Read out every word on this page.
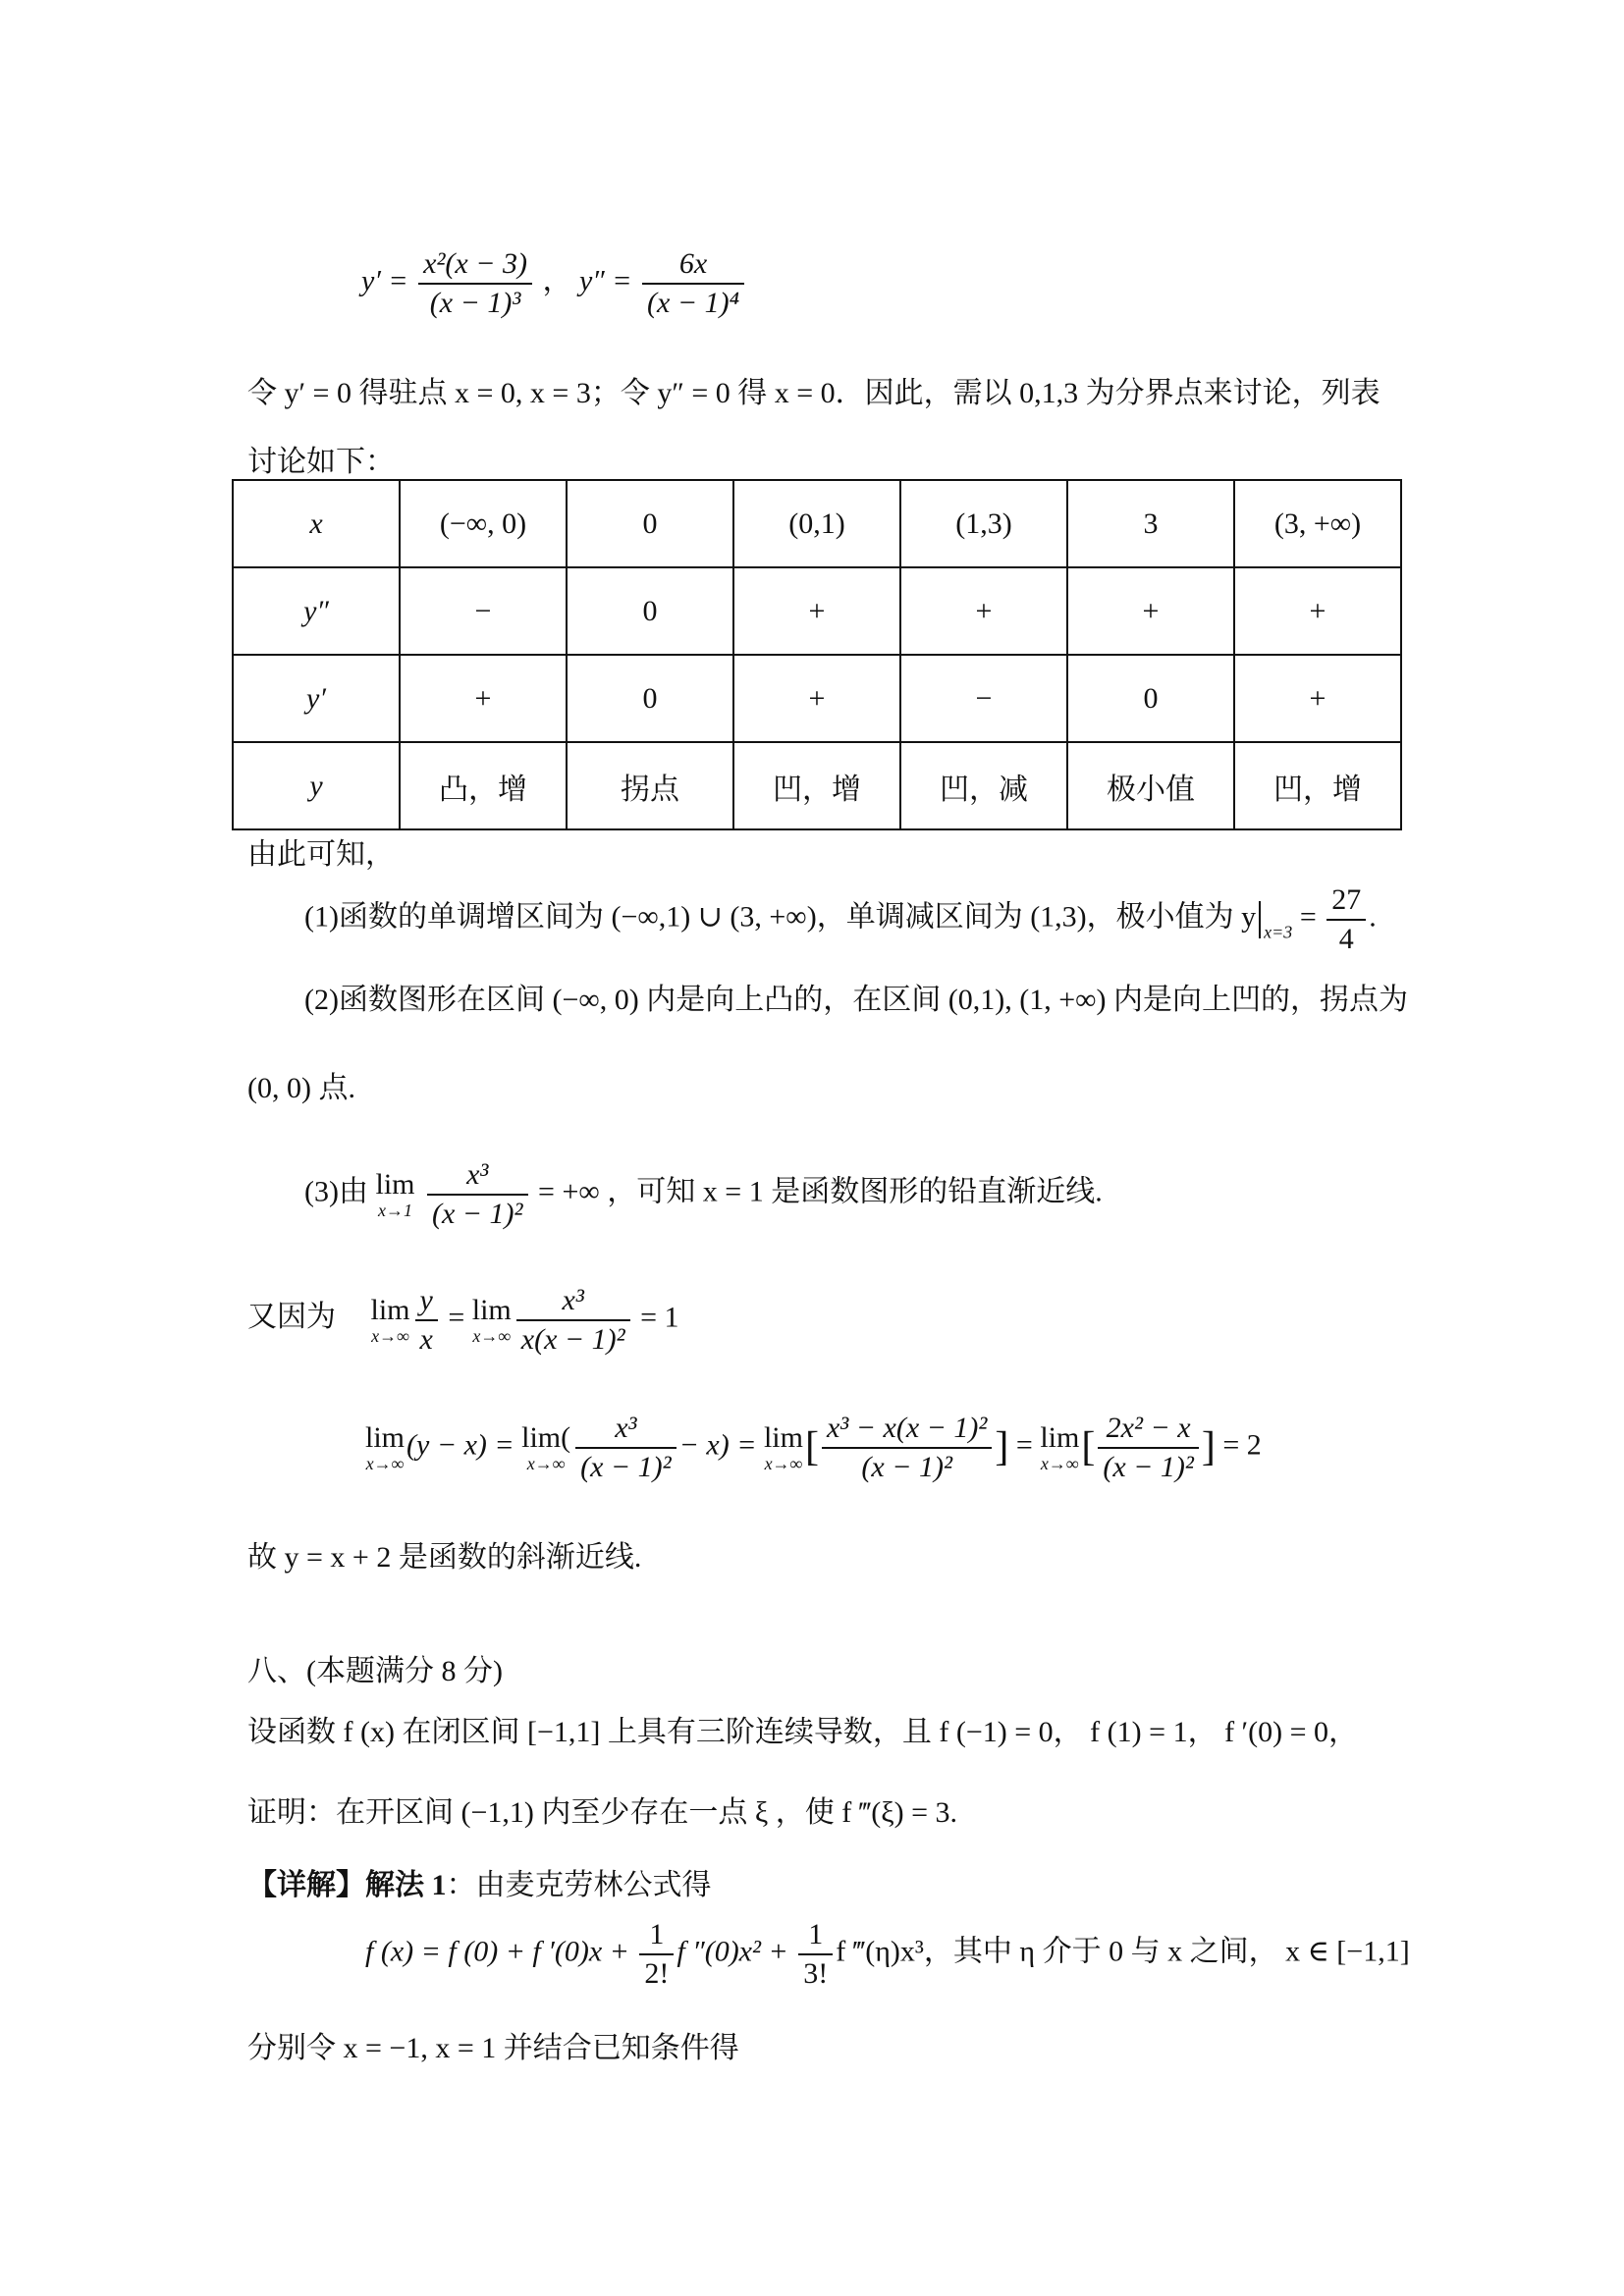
$y' = \frac{\text{x²(x − 3)}}{\text{(x − 1)³}}$ ， $y'' = \frac{6x}{\text{(x − 1)⁴}}$
令 y′ = 0 得驻点 x = 0, x = 3；令 y″ = 0 得 x = 0．因此，需以 0,1,3 为分界点来讨论，列表
讨论如下：
x	(−∞, 0)	0	(0,1)	(1,3)	3	(3, +∞)
y″	−	0	+	+	+	+
y′	+	0	+	−	0	+
y	凸，增	拐点	凹，增	凹，减	极小值	凹，增
由此可知，
(1)函数的单调增区间为 (−∞,1) ∪ (3, +∞)，单调减区间为 (1,3)，极小值为 y $_{x=3} = \frac{27}{4}$ .
(2)函数图形在区间 (−∞, 0) 内是向上凸的，在区间 (0,1), (1, +∞) 内是向上凹的，拐点为
(0, 0) 点.
(3)由 lim
x→1
$\frac{\text{x³}}{\text{(x − 1)²}}$ = +∞ ，可知 x = 1 是函数图形的铅直渐近线.
又因为 lim
$x\to\infty \frac{y}{x} = \lim$
$x\to\infty \frac{\text{x³}}{\text{x(x − 1)²}} = 1$
lim
x→∞
(y − x) = lim(
$x\to\infty \frac{\text{x³}}{\text{(x − 1)²}} - x) = \lim$
x→∞ [ $\frac{\text{x³ − x(x − 1)²}}{\text{(x − 1)²}}$ ] = lim
x→∞ [ $\frac{\text{2x² − x}}{\text{(x − 1)²}}$ ] = 2
故 y = x + 2 是函数的斜渐近线.
八、(本题满分 8 分)
设函数 f (x) 在闭区间 [−1,1] 上具有三阶连续导数，且 f (−1) = 0， f (1) = 1， f ′(0) = 0，
证明：在开区间 (−1,1) 内至少存在一点 ξ ，使 f ‴(ξ) = 3.
【详解】解法 1：由麦克劳林公式得
f (x) = f (0) + f $'(0)x + \frac{1}{2!}$ f $''(0)x^2 + \frac{1}{3!}$ f ‴(η)x³，其中 η 介于 0 与 x 之间， x ∈ [−1,1]
分别令 x = −1, x = 1 并结合已知条件得
